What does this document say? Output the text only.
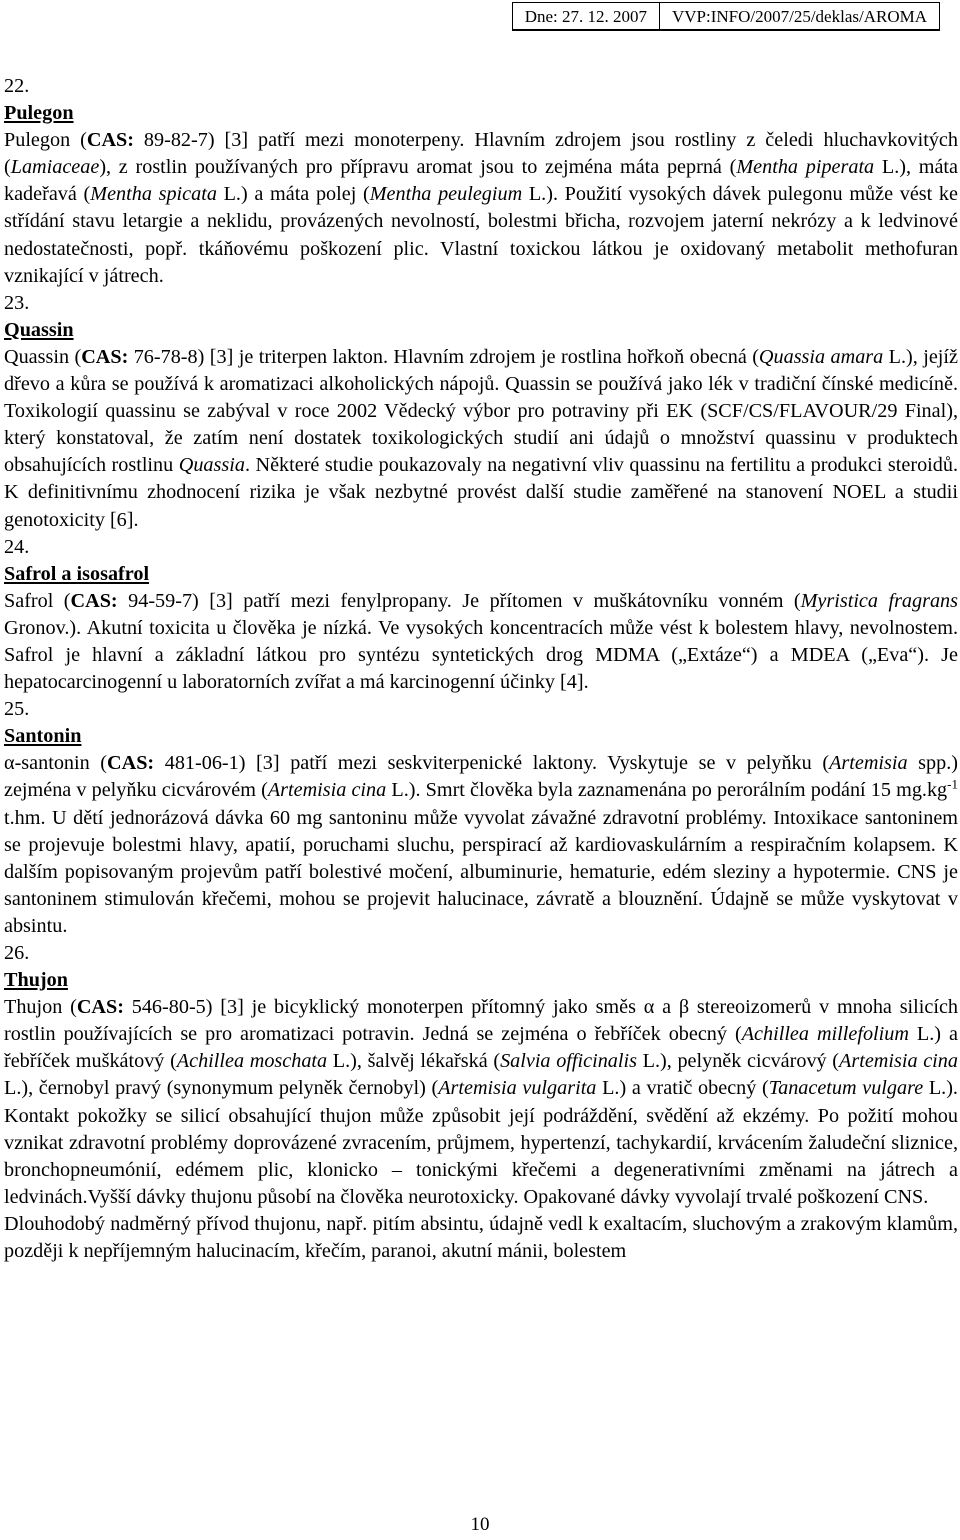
Dne: 27. 12. 2007	VVP:INFO/2007/25/deklas/AROMA
22.
Pulegon

Pulegon (CAS: 89-82-7) [3] patří mezi monoterpeny. Hlavním zdrojem jsou rostliny z čeledi hluchavkovitých (Lamiaceae), z rostlin používaných pro přípravu aromat jsou to zejména máta peprná (Mentha piperata L.), máta kadeřavá (Mentha spicata L.) a máta polej (Mentha peulegium L.). Použití vysokých dávek pulegonu může vést ke střídání stavu letargie a neklidu, provázených nevolností, bolestmi břicha, rozvojem jaterní nekrózy a k ledvinové nedostatečnosti, popř. tkáňovému poškození plic. Vlastní toxickou látkou je oxidovaný metabolit methofuran vznikající v játrech.

23.
Quassin

Quassin (CAS: 76-78-8) [3] je triterpen lakton. Hlavním zdrojem je rostlina hořkoň obecná (Quassia amara L.), jejíž dřevo a kůra se používá k aromatizaci alkoholických nápojů. Quassin se používá jako lék v tradiční čínské medicíně. Toxikologií quassinu se zabýval v roce 2002 Vědecký výbor pro potraviny při EK (SCF/CS/FLAVOUR/29 Final), který konstatoval, že zatím není dostatek toxikologických studií ani údajů o množství quassinu v produktech obsahujících rostlinu Quassia. Některé studie poukazovaly na negativní vliv quassinu na fertilitu a produkci steroidů. K definitivnímu zhodnocení rizika je však nezbytné provést další studie zaměřené na stanovení NOEL a studii genotoxicity [6].

24.
Safrol a isosafrol

Safrol (CAS: 94-59-7) [3] patří mezi fenylpropany. Je přítomen v muškátovníku vonném (Myristica fragrans Gronov.). Akutní toxicita u člověka je nízká. Ve vysokých koncentracích může vést k bolestem hlavy, nevolnostem. Safrol je hlavní a základní látkou pro syntézu syntetických drog MDMA („Extáze“) a MDEA („Eva“). Je hepatocarcinogenní u laboratorních zvířat a má karcinogenní účinky [4].

25.
Santonin

α-santonin (CAS: 481-06-1) [3] patří mezi seskviterpenické laktony. Vyskytuje se v pelyňku (Artemisia spp.) zejména v pelyňku cicvárovém (Artemisia cina L.). Smrt člověka byla zaznamenána po perorálním podání 15 $mg.kg^{-1}$ t.hm. U dětí jednorázová dávka 60 mg santoninu může vyvolat závažné zdravotní problémy. Intoxikace santoninem se projevuje bolestmi hlavy, apatií, poruchami sluchu, perspirací až kardiovaskulárním a respiračním kolapsem. K dalším popisovaným projevům patří bolestivé močení, albuminurie, hematurie, edém sleziny a hypotermie. CNS je santoninem stimulován křečemi, mohou se projevit halucinace, závratě a blouznění. Údajně se může vyskytovat v absintu.

26.
Thujon

Thujon (CAS: 546-80-5) [3] je bicyklický monoterpen přítomný jako směs α a β stereoizomerů v mnoha silicích rostlin používajících se pro aromatizaci potravin. Jedná se zejména o řebříček obecný (Achillea millefolium L.) a řebříček muškátový (Achillea moschata L.), šalvěj lékařská (Salvia officinalis L.), pelyněk cicvárový (Artemisia cina L.), černobyl pravý (synonymum pelyněk černobyl) (Artemisia vulgarita L.) a vratič obecný (Tanacetum vulgare L.). Kontakt pokožky se silicí obsahující thujon může způsobit její podráždění, svědění až ekzémy. Po požití mohou vznikat zdravotní problémy doprovázené zvracením, průjmem, hypertenzí, tachykardií, krvácením žaludeční sliznice, bronchopneumónií, edémem plic, klonicko – tonickými křečemi a degenerativními změnami na játrech a ledvinách.Vyšší dávky thujonu působí na člověka neurotoxicky. Opakované dávky vyvolají trvalé poškození CNS.

Dlouhodobý nadměrný přívod thujonu, např. pitím absintu, údajně vedl k exaltacím, sluchovým a zrakovým klamům, později k nepříjemným halucinacím, křečím, paranoi, akutní mánii, bolestem

10
